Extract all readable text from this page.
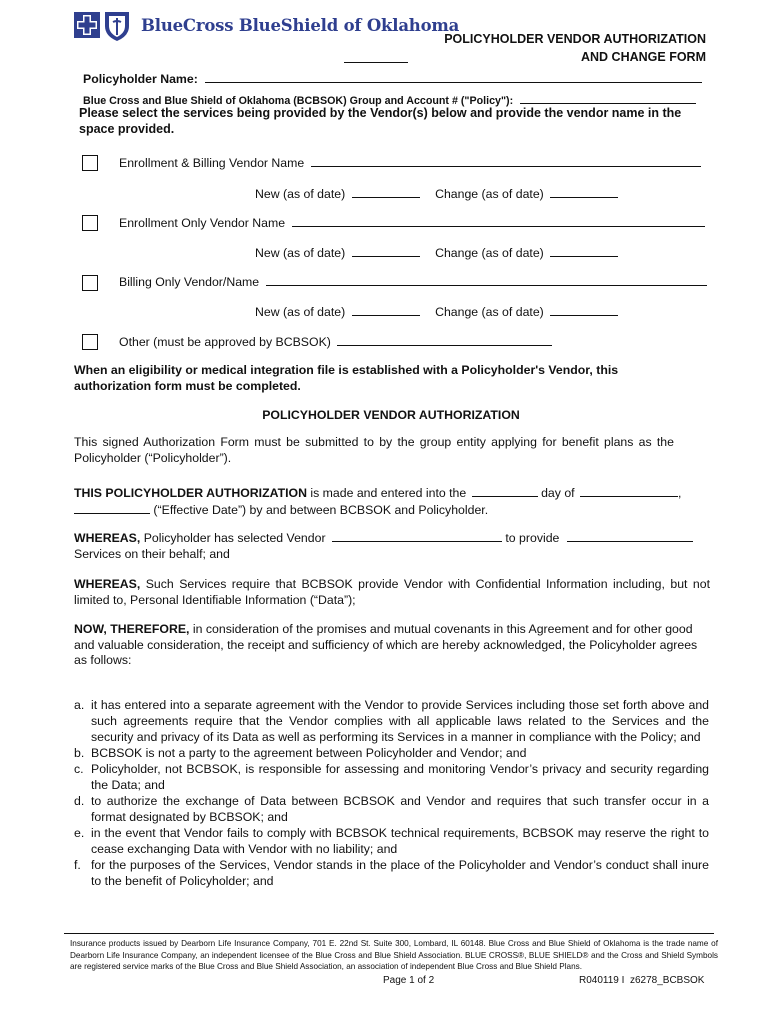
BlueCross BlueShield of Oklahoma
POLICYHOLDER VENDOR AUTHORIZATION
AND CHANGE FORM
Policyholder Name:
Blue Cross and Blue Shield of Oklahoma (BCBSOK) Group and Account # ("Policy"):
Please select the services being provided by the Vendor(s) below and provide the vendor name in the space provided.
Enrollment & Billing Vendor Name
New (as of date)	Change (as of date)
Enrollment Only Vendor Name
New (as of date)	Change (as of date)
Billing Only Vendor/Name
New (as of date)	Change (as of date)
Other (must be approved by BCBSOK)
When an eligibility or medical integration file is established with a Policyholder's Vendor, this authorization form must be completed.
POLICYHOLDER VENDOR AUTHORIZATION
This signed Authorization Form must be submitted to by the group entity applying for benefit plans as the Policyholder (“Policyholder”).
THIS POLICYHOLDER AUTHORIZATION is made and entered into the	day of	,
(“Effective Date”) by and between BCBSOK and Policyholder.
WHEREAS, Policyholder has selected Vendor	to provide
Services on their behalf; and
WHEREAS, Such Services require that BCBSOK provide Vendor with Confidential Information including, but not limited to, Personal Identifiable Information (“Data”);
NOW, THEREFORE, in consideration of the promises and mutual covenants in this Agreement and for other good and valuable consideration, the receipt and sufficiency of which are hereby acknowledged, the Policyholder agrees as follows:
a. it has entered into a separate agreement with the Vendor to provide Services including those set forth above and such agreements require that the Vendor complies with all applicable laws related to the Services and the security and privacy of its Data as well as performing its Services in a manner in compliance with the Policy; and
b. BCBSOK is not a party to the agreement between Policyholder and Vendor; and
c. Policyholder, not BCBSOK, is responsible for assessing and monitoring Vendor’s privacy and security regarding the Data; and
d. to authorize the exchange of Data between BCBSOK and Vendor and requires that such transfer occur in a format designated by BCBSOK; and
e. in the event that Vendor fails to comply with BCBSOK technical requirements, BCBSOK may reserve the right to cease exchanging Data with Vendor with no liability; and
f. for the purposes of the Services, Vendor stands in the place of the Policyholder and Vendor’s conduct shall inure to the benefit of Policyholder; and
Insurance products issued by Dearborn Life Insurance Company, 701 E. 22nd St. Suite 300, Lombard, IL 60148. Blue Cross and Blue Shield of Oklahoma is the trade name of Dearborn Life Insurance Company, an independent licensee of the Blue Cross and Blue Shield Association. BLUE CROSS®, BLUE SHIELD® and the Cross and Shield Symbols are registered service marks of the Blue Cross and Blue Shield Association, an association of independent Blue Cross and Blue Shield Plans.
Page 1 of 2	R040119 I  z6278_BCBSOK
